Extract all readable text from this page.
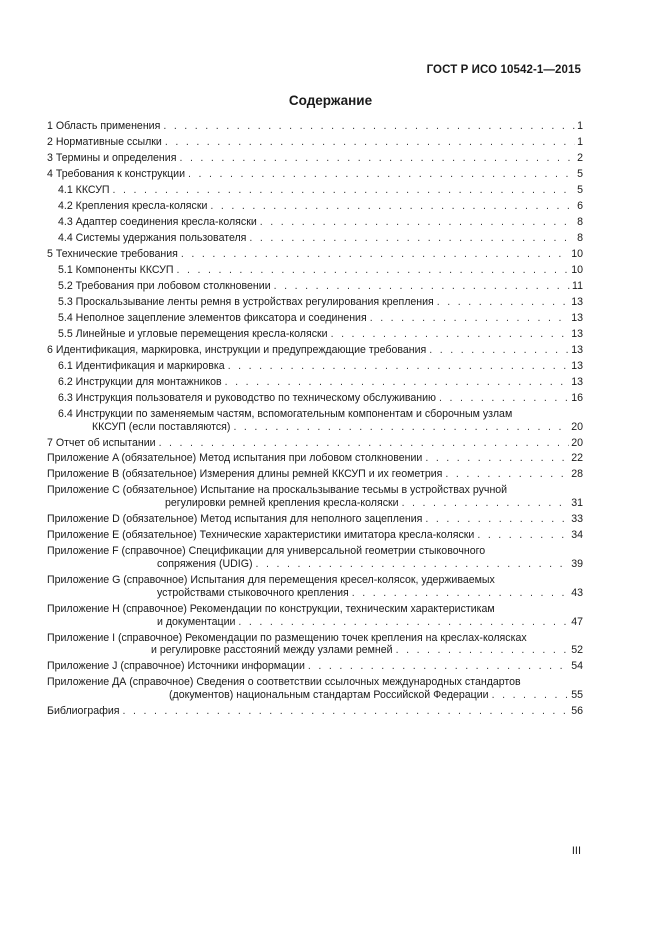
ГОСТ Р ИСО 10542-1—2015
Содержание
1 Область применения . . .	1
2 Нормативные ссылки . . .	1
3 Термины и определения . . .	2
4 Требования к конструкции . . .	5
4.1 ККСУП . . .	5
4.2 Крепления кресла-коляски . . .	6
4.3 Адаптер соединения кресла-коляски . . .	8
4.4 Системы удержания пользователя . . .	8
5 Технические требования . . .	10
5.1 Компоненты ККСУП . . .	10
5.2 Требования при лобовом столкновении . . .	11
5.3 Проскальзывание ленты ремня в устройствах регулирования крепления . . .	13
5.4 Неполное зацепление элементов фиксатора и соединения . . .	13
5.5 Линейные и угловые перемещения кресла-коляски . . .	13
6 Идентификация, маркировка, инструкции и предупреждающие требования . . .	13
6.1 Идентификация и маркировка . . .	13
6.2 Инструкции для монтажников . . .	13
6.3 Инструкция пользователя и руководство по техническому обслуживанию . . .	16
6.4 Инструкции по заменяемым частям, вспомогательным компонентам и сборочным узлам
ККСУП (если поставляются) . . .	20
7 Отчет об испытании . . .	20
Приложение A (обязательное) Метод испытания при лобовом столкновении . . .	22
Приложение B (обязательное) Измерения длины ремней ККСУП и их геометрия . . .	28
Приложение C (обязательное) Испытание на проскальзывание тесьмы в устройствах ручной
регулировки ремней крепления кресла-коляски . . .	31
Приложение D (обязательное) Метод испытания для неполного зацепления . . .	33
Приложение E (обязательное) Технические характеристики имитатора кресла-коляски . . .	34
Приложение F (справочное) Спецификации для универсальной геометрии стыковочного
сопряжения (UDIG) . . .	39
Приложение G (справочное) Испытания для перемещения кресел-колясок, удерживаемых
устройствами стыковочного крепления . . .	43
Приложение H (справочное) Рекомендации по конструкции, техническим характеристикам
и документации . . .	47
Приложение I (справочное) Рекомендации по размещению точек крепления на креслах-колясках
и регулировке расстояний между узлами ремней . . .	52
Приложение J (справочное) Источники информации . . .	54
Приложение ДА (справочное) Сведения о соответствии ссылочных международных стандартов
(документов) национальным стандартам Российской Федерации . . .	55
Библиография . . .	56
III
